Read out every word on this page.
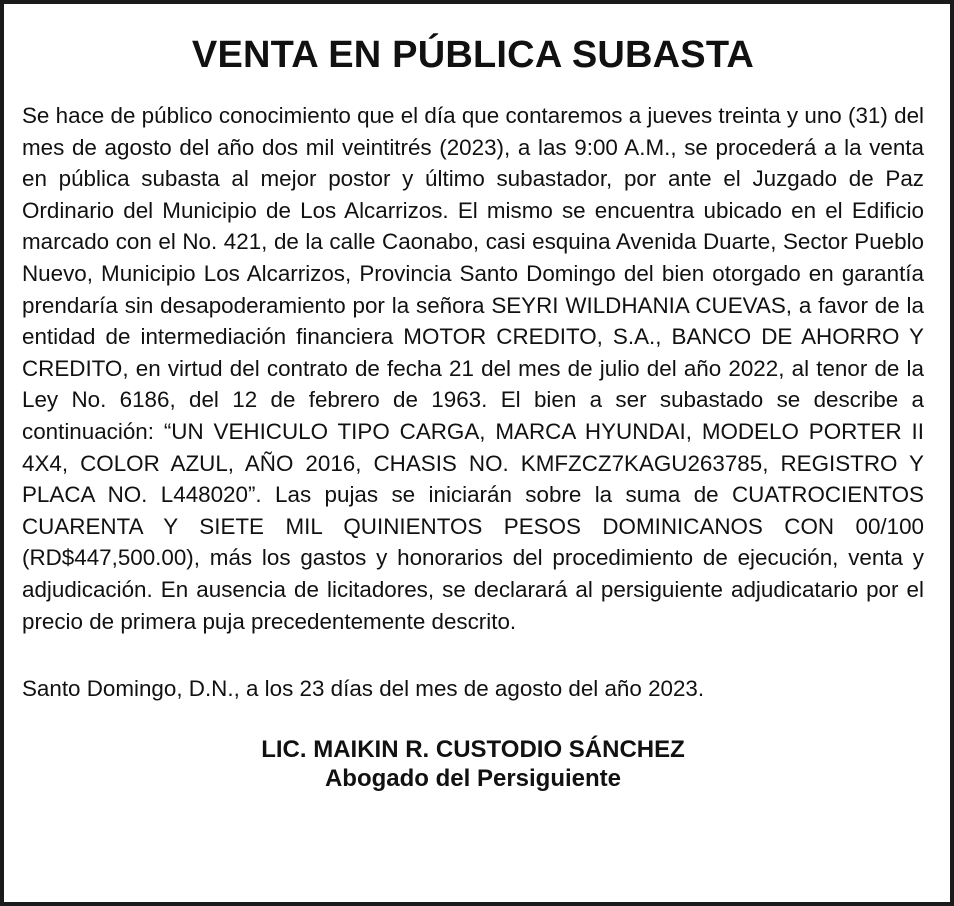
VENTA EN PÚBLICA SUBASTA

Se hace de público conocimiento que el día que contaremos a jueves treinta y uno (31) del mes de agosto del año dos mil veintitrés (2023), a las 9:00 A.M., se procederá a la venta en pública subasta al mejor postor y último subastador, por ante el Juzgado de Paz Ordinario del Municipio de Los Alcarrizos. El mismo se encuentra ubicado en el Edificio marcado con el No. 421, de la calle Caonabo, casi esquina Avenida Duarte, Sector Pueblo Nuevo, Municipio Los Alcarrizos, Provincia Santo Domingo del bien otorgado en garantía prendaría sin desapoderamiento por la señora SEYRI WILDHANIA CUEVAS, a favor de la entidad de intermediación financiera MOTOR CREDITO, S.A., BANCO DE AHORRO Y CREDITO, en virtud del contrato de fecha 21 del mes de julio del año 2022, al tenor de la Ley No. 6186, del 12 de febrero de 1963. El bien a ser subastado se describe a continuación: “UN VEHICULO TIPO CARGA, MARCA HYUNDAI, MODELO PORTER II 4X4, COLOR AZUL, AÑO 2016, CHASIS NO. KMFZCZ7KAGU263785, REGISTRO Y PLACA NO. L448020”. Las pujas se iniciarán sobre la suma de CUATROCIENTOS CUARENTA Y SIETE MIL QUINIENTOS PESOS DOMINICANOS CON 00/100 (RD$447,500.00), más los gastos y honorarios del procedimiento de ejecución, venta y adjudicación. En ausencia de licitadores, se declarará al persiguiente adjudicatario por el precio de primera puja precedentemente descrito.

Santo Domingo, D.N., a los 23 días del mes de agosto del año 2023.

LIC. MAIKIN R. CUSTODIO SÁNCHEZ
Abogado del Persiguiente
